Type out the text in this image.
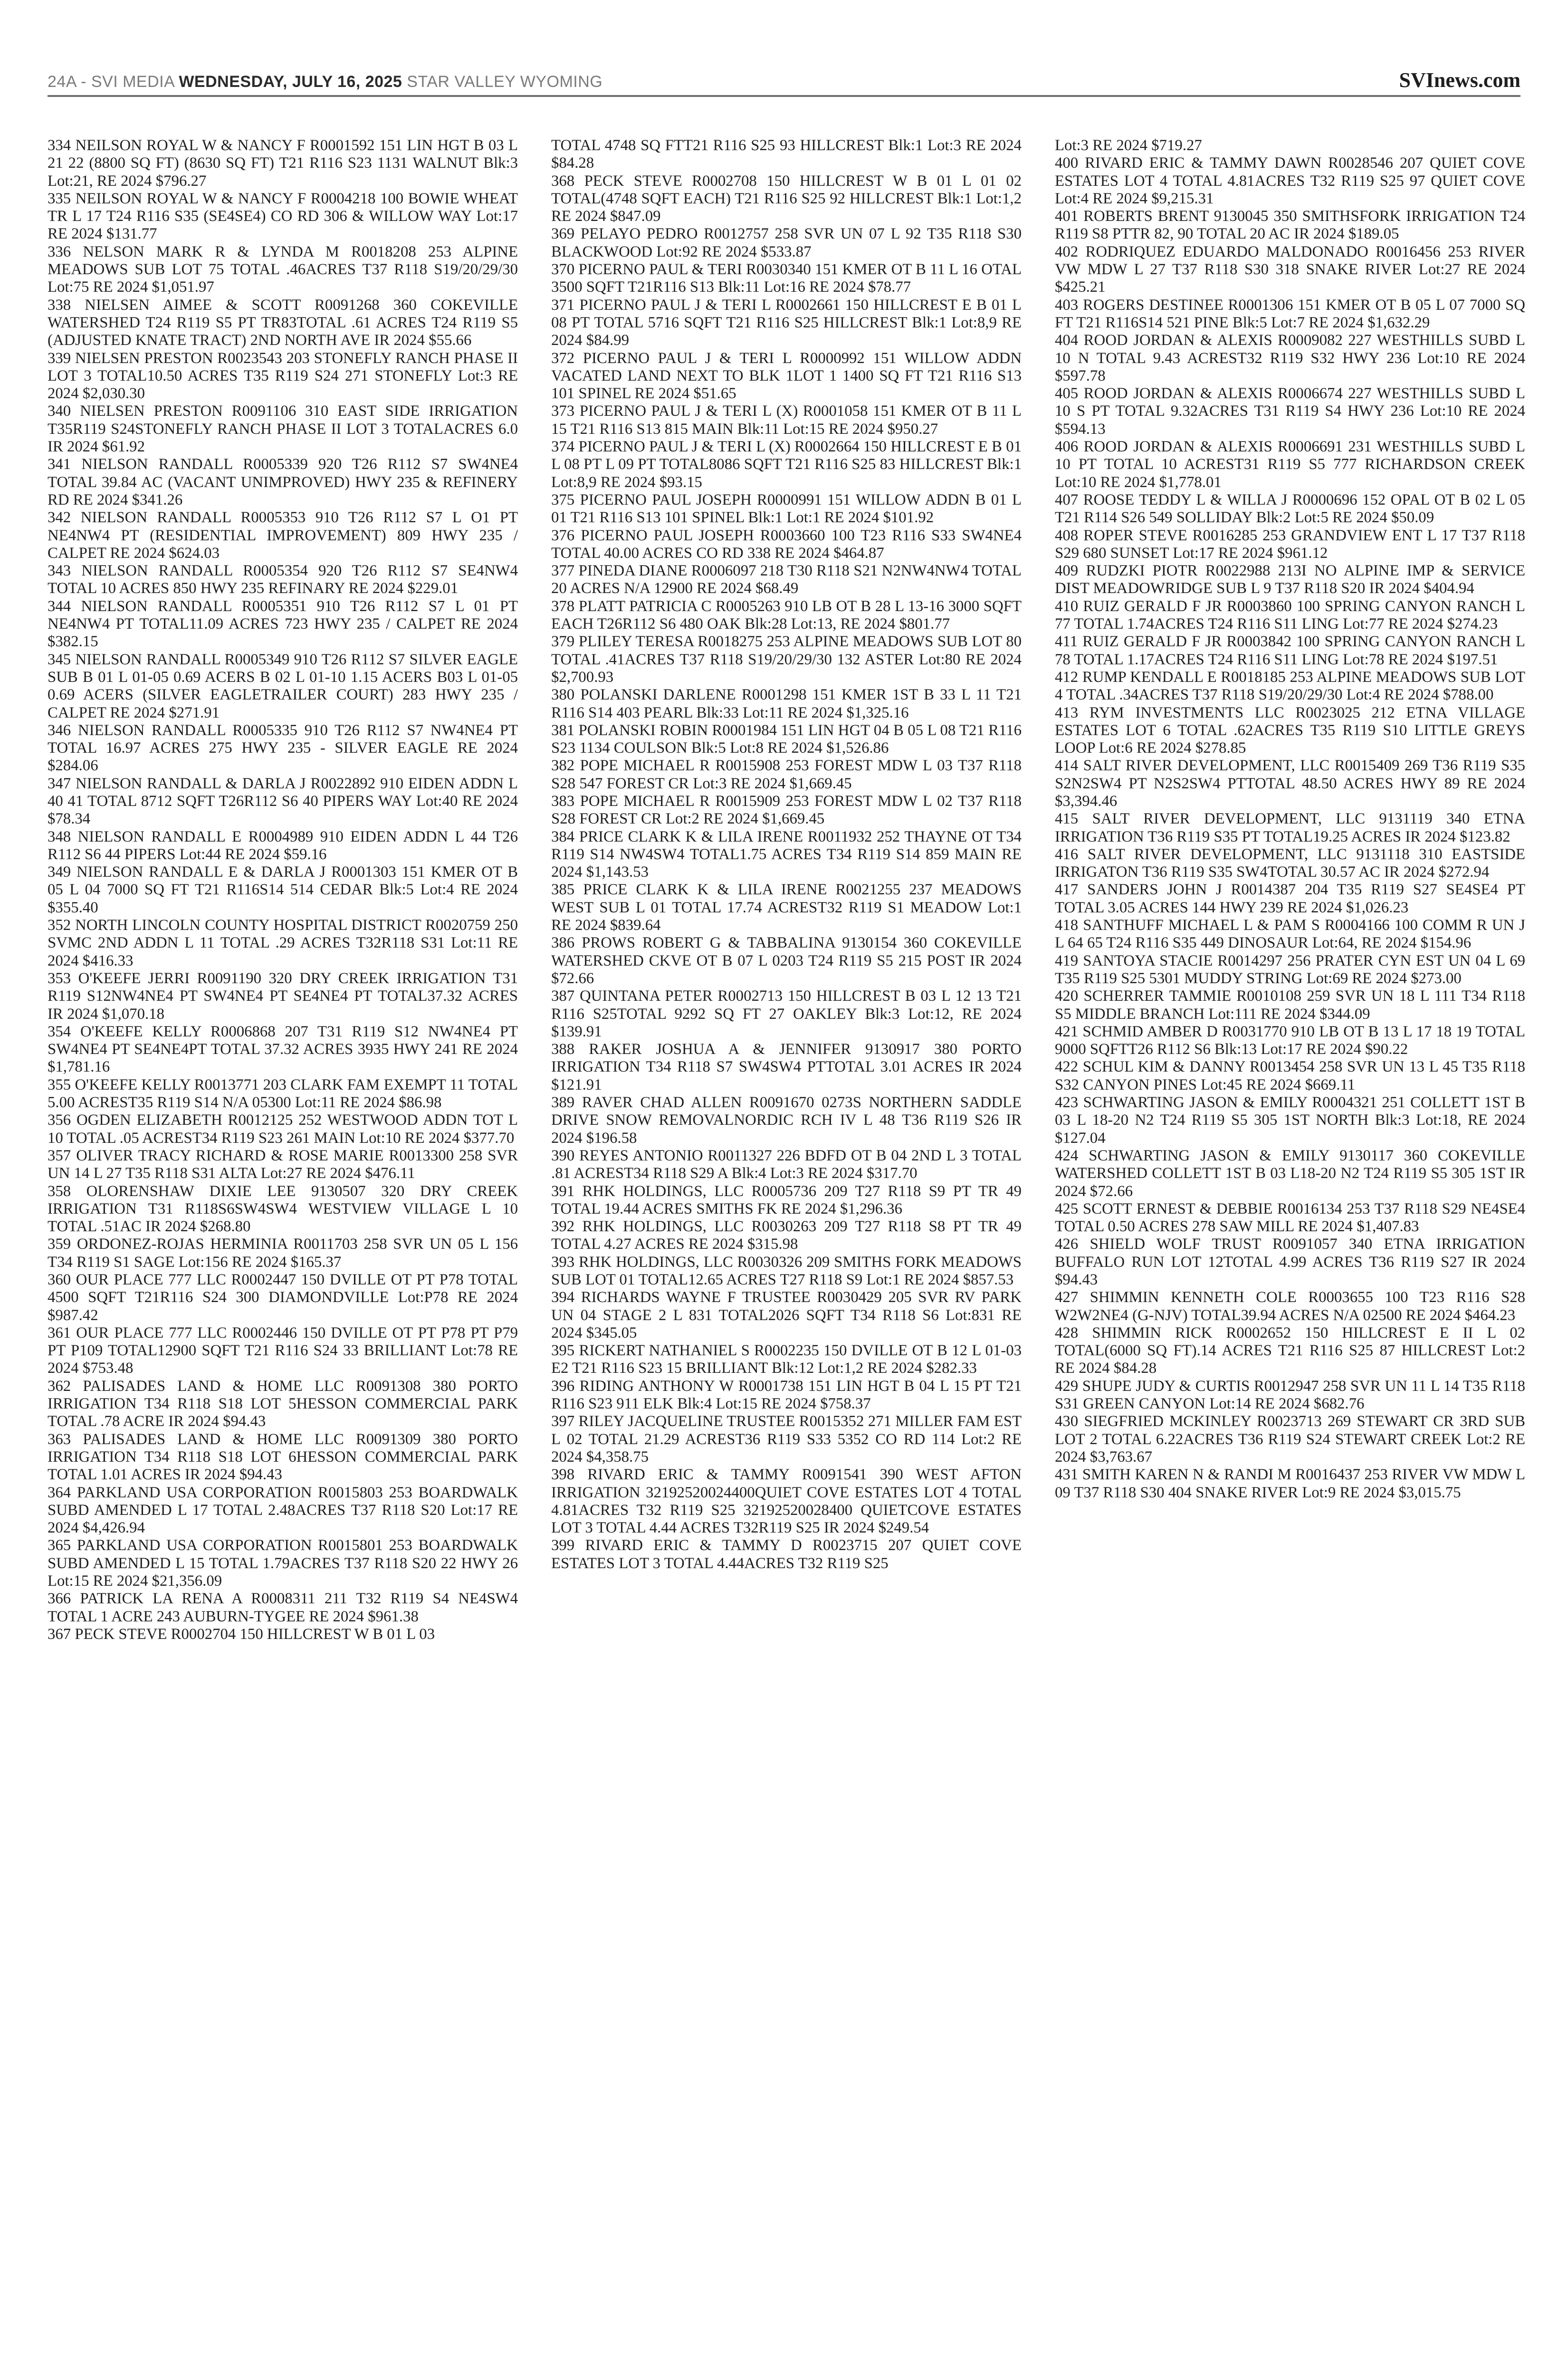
24A - SVI MEDIA WEDNESDAY, JULY 16, 2025 STAR VALLEY WYOMING	SVInews.com

334 NEILSON ROYAL W & NANCY F R0001592 151 LIN HGT B 03 L 21 22 (8800 SQ FT) (8630 SQ FT) T21 R116 S23 1131 WALNUT Blk:3 Lot:21, RE 2024 $796.27

335 NEILSON ROYAL W & NANCY F R0004218 100 BOWIE WHEAT TR L 17 T24 R116 S35 (SE4SE4) CO RD 306 & WILLOW WAY Lot:17 RE 2024 $131.77

336 NELSON MARK R & LYNDA M R0018208 253 ALPINE MEADOWS SUB LOT 75 TOTAL .46ACRES T37 R118 S19/20/29/30 Lot:75 RE 2024 $1,051.97

338 NIELSEN AIMEE & SCOTT R0091268 360 COKEVILLE WATERSHED T24 R119 S5 PT TR83TOTAL .61 ACRES T24 R119 S5 (ADJUSTED KNATE TRACT) 2ND NORTH AVE IR 2024 $55.66

339 NIELSEN PRESTON R0023543 203 STONEFLY RANCH PHASE II LOT 3 TOTAL10.50 ACRES T35 R119 S24 271 STONEFLY Lot:3 RE 2024 $2,030.30

340 NIELSEN PRESTON R0091106 310 EAST SIDE IRRIGATION T35R119 S24STONEFLY RANCH PHASE II LOT 3 TOTALACRES 6.0 IR 2024 $61.92

341 NIELSON RANDALL R0005339 920 T26 R112 S7 SW4NE4 TOTAL 39.84 AC (VACANT UNIMPROVED) HWY 235 & REFINERY RD RE 2024 $341.26

342 NIELSON RANDALL R0005353 910 T26 R112 S7 L O1 PT NE4NW4 PT (RESIDENTIAL IMPROVEMENT) 809 HWY 235 / CALPET RE 2024 $624.03

343 NIELSON RANDALL R0005354 920 T26 R112 S7 SE4NW4 TOTAL 10 ACRES 850 HWY 235 REFINARY RE 2024 $229.01

344 NIELSON RANDALL R0005351 910 T26 R112 S7 L 01 PT NE4NW4 PT TOTAL11.09 ACRES 723 HWY 235 / CALPET RE 2024 $382.15

345 NIELSON RANDALL R0005349 910 T26 R112 S7 SILVER EAGLE SUB B 01 L 01-05 0.69 ACERS B 02 L 01-10 1.15 ACERS B03 L 01-05 0.69 ACERS (SILVER EAGLETRAILER COURT) 283 HWY 235 / CALPET RE 2024 $271.91

346 NIELSON RANDALL R0005335 910 T26 R112 S7 NW4NE4 PT TOTAL 16.97 ACRES 275 HWY 235 - SILVER EAGLE RE 2024 $284.06

347 NIELSON RANDALL & DARLA J R0022892 910 EIDEN ADDN L 40 41 TOTAL 8712 SQFT T26R112 S6 40 PIPERS WAY Lot:40 RE 2024 $78.34

348 NIELSON RANDALL E R0004989 910 EIDEN ADDN L 44 T26 R112 S6 44 PIPERS Lot:44 RE 2024 $59.16

349 NIELSON RANDALL E & DARLA J R0001303 151 KMER OT B 05 L 04 7000 SQ FT T21 R116S14 514 CEDAR Blk:5 Lot:4 RE 2024 $355.40

352 NORTH LINCOLN COUNTY HOSPITAL DISTRICT R0020759 250 SVMC 2ND ADDN L 11 TOTAL .29 ACRES T32R118 S31 Lot:11 RE 2024 $416.33

353 O'KEEFE JERRI R0091190 320 DRY CREEK IRRIGATION T31 R119 S12NW4NE4 PT SW4NE4 PT SE4NE4 PT TOTAL37.32 ACRES IR 2024 $1,070.18

354 O'KEEFE KELLY R0006868 207 T31 R119 S12 NW4NE4 PT SW4NE4 PT SE4NE4PT TOTAL 37.32 ACRES 3935 HWY 241 RE 2024 $1,781.16

355 O'KEEFE KELLY R0013771 203 CLARK FAM EXEMPT 11 TOTAL 5.00 ACREST35 R119 S14 N/A 05300 Lot:11 RE 2024 $86.98

356 OGDEN ELIZABETH R0012125 252 WESTWOOD ADDN TOT L 10 TOTAL .05 ACREST34 R119 S23 261 MAIN Lot:10 RE 2024 $377.70

357 OLIVER TRACY RICHARD & ROSE MARIE R0013300 258 SVR UN 14 L 27 T35 R118 S31 ALTA Lot:27 RE 2024 $476.11

358 OLORENSHAW DIXIE LEE 9130507 320 DRY CREEK IRRIGATION T31 R118S6SW4SW4 WESTVIEW VILLAGE L 10 TOTAL .51AC IR 2024 $268.80

359 ORDONEZ-ROJAS HERMINIA R0011703 258 SVR UN 05 L 156 T34 R119 S1 SAGE Lot:156 RE 2024 $165.37

360 OUR PLACE 777 LLC R0002447 150 DVILLE OT PT P78 TOTAL 4500 SQFT T21R116 S24 300 DIAMONDVILLE Lot:P78 RE 2024 $987.42

361 OUR PLACE 777 LLC R0002446 150 DVILLE OT PT P78 PT P79 PT P109 TOTAL12900 SQFT T21 R116 S24 33 BRILLIANT Lot:78 RE 2024 $753.48

362 PALISADES LAND & HOME LLC R0091308 380 PORTO IRRIGATION T34 R118 S18 LOT 5HESSON COMMERCIAL PARK TOTAL .78 ACRE IR 2024 $94.43

363 PALISADES LAND & HOME LLC R0091309 380 PORTO IRRIGATION T34 R118 S18 LOT 6HESSON COMMERCIAL PARK TOTAL 1.01 ACRES IR 2024 $94.43

364 PARKLAND USA CORPORATION R0015803 253 BOARDWALK SUBD AMENDED L 17 TOTAL 2.48ACRES T37 R118 S20 Lot:17 RE 2024 $4,426.94

365 PARKLAND USA CORPORATION R0015801 253 BOARDWALK SUBD AMENDED L 15 TOTAL 1.79ACRES T37 R118 S20 22 HWY 26 Lot:15 RE 2024 $21,356.09

366 PATRICK LA RENA A R0008311 211 T32 R119 S4 NE4SW4 TOTAL 1 ACRE 243 AUBURN-TYGEE RE 2024 $961.38

367 PECK STEVE R0002704 150 HILLCREST W B 01 L 03

TOTAL 4748 SQ FTT21 R116 S25 93 HILLCREST Blk:1 Lot:3 RE 2024 $84.28

368 PECK STEVE R0002708 150 HILLCREST W B 01 L 01 02 TOTAL(4748 SQFT EACH) T21 R116 S25 92 HILLCREST Blk:1 Lot:1,2 RE 2024 $847.09

369 PELAYO PEDRO R0012757 258 SVR UN 07 L 92 T35 R118 S30 BLACKWOOD Lot:92 RE 2024 $533.87

370 PICERNO PAUL & TERI R0030340 151 KMER OT B 11 L 16 OTAL 3500 SQFT T21R116 S13 Blk:11 Lot:16 RE 2024 $78.77

371 PICERNO PAUL J & TERI L R0002661 150 HILLCREST E B 01 L 08 PT TOTAL 5716 SQFT T21 R116 S25 HILLCREST Blk:1 Lot:8,9 RE 2024 $84.99

372 PICERNO PAUL J & TERI L R0000992 151 WILLOW ADDN VACATED LAND NEXT TO BLK 1LOT 1 1400 SQ FT T21 R116 S13 101 SPINEL RE 2024 $51.65

373 PICERNO PAUL J & TERI L (X) R0001058 151 KMER OT B 11 L 15 T21 R116 S13 815 MAIN Blk:11 Lot:15 RE 2024 $950.27

374 PICERNO PAUL J & TERI L (X) R0002664 150 HILLCREST E B 01 L 08 PT L 09 PT TOTAL8086 SQFT T21 R116 S25 83 HILLCREST Blk:1 Lot:8,9 RE 2024 $93.15

375 PICERNO PAUL JOSEPH R0000991 151 WILLOW ADDN B 01 L 01 T21 R116 S13 101 SPINEL Blk:1 Lot:1 RE 2024 $101.92

376 PICERNO PAUL JOSEPH R0003660 100 T23 R116 S33 SW4NE4 TOTAL 40.00 ACRES CO RD 338 RE 2024 $464.87

377 PINEDA DIANE R0006097 218 T30 R118 S21 N2NW4NW4 TOTAL 20 ACRES N/A 12900 RE 2024 $68.49

378 PLATT PATRICIA C R0005263 910 LB OT B 28 L 13-16 3000 SQFT EACH T26R112 S6 480 OAK Blk:28 Lot:13, RE 2024 $801.77

379 PLILEY TERESA R0018275 253 ALPINE MEADOWS SUB LOT 80 TOTAL .41ACRES T37 R118 S19/20/29/30 132 ASTER Lot:80 RE 2024 $2,700.93

380 POLANSKI DARLENE R0001298 151 KMER 1ST B 33 L 11 T21 R116 S14 403 PEARL Blk:33 Lot:11 RE 2024 $1,325.16

381 POLANSKI ROBIN R0001984 151 LIN HGT 04 B 05 L 08 T21 R116 S23 1134 COULSON Blk:5 Lot:8 RE 2024 $1,526.86

382 POPE MICHAEL R R0015908 253 FOREST MDW L 03 T37 R118 S28 547 FOREST CR Lot:3 RE 2024 $1,669.45

383 POPE MICHAEL R R0015909 253 FOREST MDW L 02 T37 R118 S28 FOREST CR Lot:2 RE 2024 $1,669.45

384 PRICE CLARK K & LILA IRENE R0011932 252 THAYNE OT T34 R119 S14 NW4SW4 TOTAL1.75 ACRES T34 R119 S14 859 MAIN RE 2024 $1,143.53

385 PRICE CLARK K & LILA IRENE R0021255 237 MEADOWS WEST SUB L 01 TOTAL 17.74 ACREST32 R119 S1 MEADOW Lot:1 RE 2024 $839.64

386 PROWS ROBERT G & TABBALINA 9130154 360 COKEVILLE WATERSHED CKVE OT B 07 L 0203 T24 R119 S5 215 POST IR 2024 $72.66

387 QUINTANA PETER R0002713 150 HILLCREST B 03 L 12 13 T21 R116 S25TOTAL 9292 SQ FT 27 OAKLEY Blk:3 Lot:12, RE 2024 $139.91

388 RAKER JOSHUA A & JENNIFER 9130917 380 PORTO IRRIGATION T34 R118 S7 SW4SW4 PTTOTAL 3.01 ACRES IR 2024 $121.91

389 RAVER CHAD ALLEN R0091670 0273S NORTHERN SADDLE DRIVE SNOW REMOVALNORDIC RCH IV L 48 T36 R119 S26 IR 2024 $196.58

390 REYES ANTONIO R0011327 226 BDFD OT B 04 2ND L 3 TOTAL .81 ACREST34 R118 S29 A Blk:4 Lot:3 RE 2024 $317.70

391 RHK HOLDINGS, LLC R0005736 209 T27 R118 S9 PT TR 49 TOTAL 19.44 ACRES SMITHS FK RE 2024 $1,296.36

392 RHK HOLDINGS, LLC R0030263 209 T27 R118 S8 PT TR 49 TOTAL 4.27 ACRES RE 2024 $315.98

393 RHK HOLDINGS, LLC R0030326 209 SMITHS FORK MEADOWS SUB LOT 01 TOTAL12.65 ACRES T27 R118 S9 Lot:1 RE 2024 $857.53

394 RICHARDS WAYNE F TRUSTEE R0030429 205 SVR RV PARK UN 04 STAGE 2 L 831 TOTAL2026 SQFT T34 R118 S6 Lot:831 RE 2024 $345.05

395 RICKERT NATHANIEL S R0002235 150 DVILLE OT B 12 L 01-03 E2 T21 R116 S23 15 BRILLIANT Blk:12 Lot:1,2 RE 2024 $282.33

396 RIDING ANTHONY W R0001738 151 LIN HGT B 04 L 15 PT T21 R116 S23 911 ELK Blk:4 Lot:15 RE 2024 $758.37

397 RILEY JACQUELINE TRUSTEE R0015352 271 MILLER FAM EST L 02 TOTAL 21.29 ACREST36 R119 S33 5352 CO RD 114 Lot:2 RE 2024 $4,358.75

398 RIVARD ERIC & TAMMY R0091541 390 WEST AFTON IRRIGATION 32192520024400QUIET COVE ESTATES LOT 4 TOTAL 4.81ACRES T32 R119 S25 32192520028400 QUIETCOVE ESTATES LOT 3 TOTAL 4.44 ACRES T32R119 S25 IR 2024 $249.54

399 RIVARD ERIC & TAMMY D R0023715 207 QUIET COVE ESTATES LOT 3 TOTAL 4.44ACRES T32 R119 S25

Lot:3 RE 2024 $719.27

400 RIVARD ERIC & TAMMY DAWN R0028546 207 QUIET COVE ESTATES LOT 4 TOTAL 4.81ACRES T32 R119 S25 97 QUIET COVE Lot:4 RE 2024 $9,215.31

401 ROBERTS BRENT 9130045 350 SMITHSFORK IRRIGATION T24 R119 S8 PTTR 82, 90 TOTAL 20 AC IR 2024 $189.05

402 RODRIQUEZ EDUARDO MALDONADO R0016456 253 RIVER VW MDW L 27 T37 R118 S30 318 SNAKE RIVER Lot:27 RE 2024 $425.21

403 ROGERS DESTINEE R0001306 151 KMER OT B 05 L 07 7000 SQ FT T21 R116S14 521 PINE Blk:5 Lot:7 RE 2024 $1,632.29

404 ROOD JORDAN & ALEXIS R0009082 227 WESTHILLS SUBD L 10 N TOTAL 9.43 ACREST32 R119 S32 HWY 236 Lot:10 RE 2024 $597.78

405 ROOD JORDAN & ALEXIS R0006674 227 WESTHILLS SUBD L 10 S PT TOTAL 9.32ACRES T31 R119 S4 HWY 236 Lot:10 RE 2024 $594.13

406 ROOD JORDAN & ALEXIS R0006691 231 WESTHILLS SUBD L 10 PT TOTAL 10 ACREST31 R119 S5 777 RICHARDSON CREEK Lot:10 RE 2024 $1,778.01

407 ROOSE TEDDY L & WILLA J R0000696 152 OPAL OT B 02 L 05 T21 R114 S26 549 SOLLIDAY Blk:2 Lot:5 RE 2024 $50.09

408 ROPER STEVE R0016285 253 GRANDVIEW ENT L 17 T37 R118 S29 680 SUNSET Lot:17 RE 2024 $961.12

409 RUDZKI PIOTR R0022988 213I NO ALPINE IMP & SERVICE DIST MEADOWRIDGE SUB L 9 T37 R118 S20 IR 2024 $404.94

410 RUIZ GERALD F JR R0003860 100 SPRING CANYON RANCH L 77 TOTAL 1.74ACRES T24 R116 S11 LING Lot:77 RE 2024 $274.23

411 RUIZ GERALD F JR R0003842 100 SPRING CANYON RANCH L 78 TOTAL 1.17ACRES T24 R116 S11 LING Lot:78 RE 2024 $197.51

412 RUMP KENDALL E R0018185 253 ALPINE MEADOWS SUB LOT 4 TOTAL .34ACRES T37 R118 S19/20/29/30 Lot:4 RE 2024 $788.00

413 RYM INVESTMENTS LLC R0023025 212 ETNA VILLAGE ESTATES LOT 6 TOTAL .62ACRES T35 R119 S10 LITTLE GREYS LOOP Lot:6 RE 2024 $278.85

414 SALT RIVER DEVELOPMENT, LLC R0015409 269 T36 R119 S35 S2N2SW4 PT N2S2SW4 PTTOTAL 48.50 ACRES HWY 89 RE 2024 $3,394.46

415 SALT RIVER DEVELOPMENT, LLC 9131119 340 ETNA IRRIGATION T36 R119 S35 PT TOTAL19.25 ACRES IR 2024 $123.82

416 SALT RIVER DEVELOPMENT, LLC 9131118 310 EASTSIDE IRRIGATON T36 R119 S35 SW4TOTAL 30.57 AC IR 2024 $272.94

417 SANDERS JOHN J R0014387 204 T35 R119 S27 SE4SE4 PT TOTAL 3.05 ACRES 144 HWY 239 RE 2024 $1,026.23

418 SANTHUFF MICHAEL L & PAM S R0004166 100 COMM R UN J L 64 65 T24 R116 S35 449 DINOSAUR Lot:64, RE 2024 $154.96

419 SANTOYA STACIE R0014297 256 PRATER CYN EST UN 04 L 69 T35 R119 S25 5301 MUDDY STRING Lot:69 RE 2024 $273.00

420 SCHERRER TAMMIE R0010108 259 SVR UN 18 L 111 T34 R118 S5 MIDDLE BRANCH Lot:111 RE 2024 $344.09

421 SCHMID AMBER D R0031770 910 LB OT B 13 L 17 18 19 TOTAL 9000 SQFTT26 R112 S6 Blk:13 Lot:17 RE 2024 $90.22

422 SCHUL KIM & DANNY R0013454 258 SVR UN 13 L 45 T35 R118 S32 CANYON PINES Lot:45 RE 2024 $669.11

423 SCHWARTING JASON & EMILY R0004321 251 COLLETT 1ST B 03 L 18-20 N2 T24 R119 S5 305 1ST NORTH Blk:3 Lot:18, RE 2024 $127.04

424 SCHWARTING JASON & EMILY 9130117 360 COKEVILLE WATERSHED COLLETT 1ST B 03 L18-20 N2 T24 R119 S5 305 1ST IR 2024 $72.66

425 SCOTT ERNEST & DEBBIE R0016134 253 T37 R118 S29 NE4SE4 TOTAL 0.50 ACRES 278 SAW MILL RE 2024 $1,407.83

426 SHIELD WOLF TRUST R0091057 340 ETNA IRRIGATION BUFFALO RUN LOT 12TOTAL 4.99 ACRES T36 R119 S27 IR 2024 $94.43

427 SHIMMIN KENNETH COLE R0003655 100 T23 R116 S28 W2W2NE4 (G-NJV) TOTAL39.94 ACRES N/A 02500 RE 2024 $464.23

428 SHIMMIN RICK R0002652 150 HILLCREST E II L 02 TOTAL(6000 SQ FT).14 ACRES T21 R116 S25 87 HILLCREST Lot:2 RE 2024 $84.28

429 SHUPE JUDY & CURTIS R0012947 258 SVR UN 11 L 14 T35 R118 S31 GREEN CANYON Lot:14 RE 2024 $682.76

430 SIEGFRIED MCKINLEY R0023713 269 STEWART CR 3RD SUB LOT 2 TOTAL 6.22ACRES T36 R119 S24 STEWART CREEK Lot:2 RE 2024 $3,763.67

431 SMITH KAREN N & RANDI M R0016437 253 RIVER VW MDW L 09 T37 R118 S30 404 SNAKE RIVER Lot:9 RE 2024 $3,015.75
